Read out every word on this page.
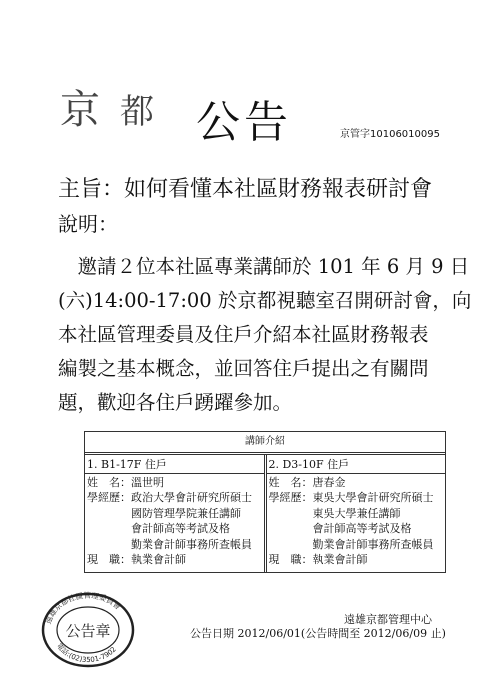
京 都 公告	京管字10106010095
主旨：如何看懂本社區財務報表研討會
說明：

　邀請２位本社區專業講師於 101 年 6 月 9 日

(六)14:00-17:00 於京都視聽室召開研討會，向

本社區管理委員及住戶介紹本社區財務報表

編製之基本概念，並回答住戶提出之有關問

題，歡迎各住戶踴躍參加。

講師介紹
1. B1-17F 住戶
姓　名： 溫世明
學經歷： 政治大學會計研究所碩士
國防管理學院兼任講師
會計師高等考試及格
勤業會計師事務所查帳員
現　職： 執業會計師
2. D3-10F 住戶
姓　名： 唐春金
學經歷： 東吳大學會計研究所碩士
東吳大學兼任講師
會計師高等考試及格
勤業會計師事務所查帳員
現　職： 執業會計師
遠雄京都社區管理委員會
公告章
電話:(02)3501-7902
遠雄京都管理中心
公告日期 2012/06/01(公告時間至 2012/06/09 止)
